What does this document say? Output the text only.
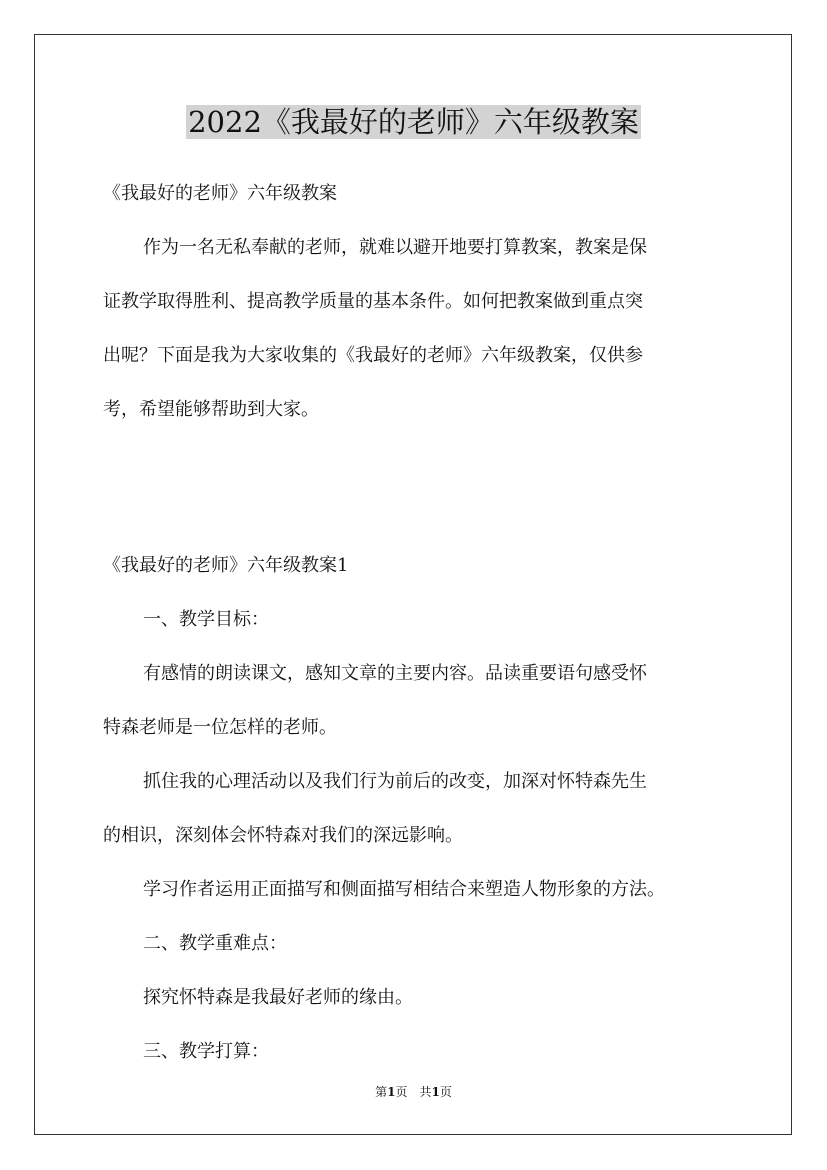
2022《我最好的老师》六年级教案
《我最好的老师》六年级教案
作为一名无私奉献的老师，就难以避开地要打算教案，教案是保
证教学取得胜利、提高教学质量的基本条件。如何把教案做到重点突
出呢？下面是我为大家收集的《我最好的老师》六年级教案，仅供参
考，希望能够帮助到大家。
《我最好的老师》六年级教案1
一、教学目标：
有感情的朗读课文，感知文章的主要内容。品读重要语句感受怀
特森老师是一位怎样的老师。
抓住我的心理活动以及我们行为前后的改变，加深对怀特森先生
的相识，深刻体会怀特森对我们的深远影响。
学习作者运用正面描写和侧面描写相结合来塑造人物形象的方法。
二、教学重难点：
探究怀特森是我最好老师的缘由。
三、教学打算：
第1页　共1页
